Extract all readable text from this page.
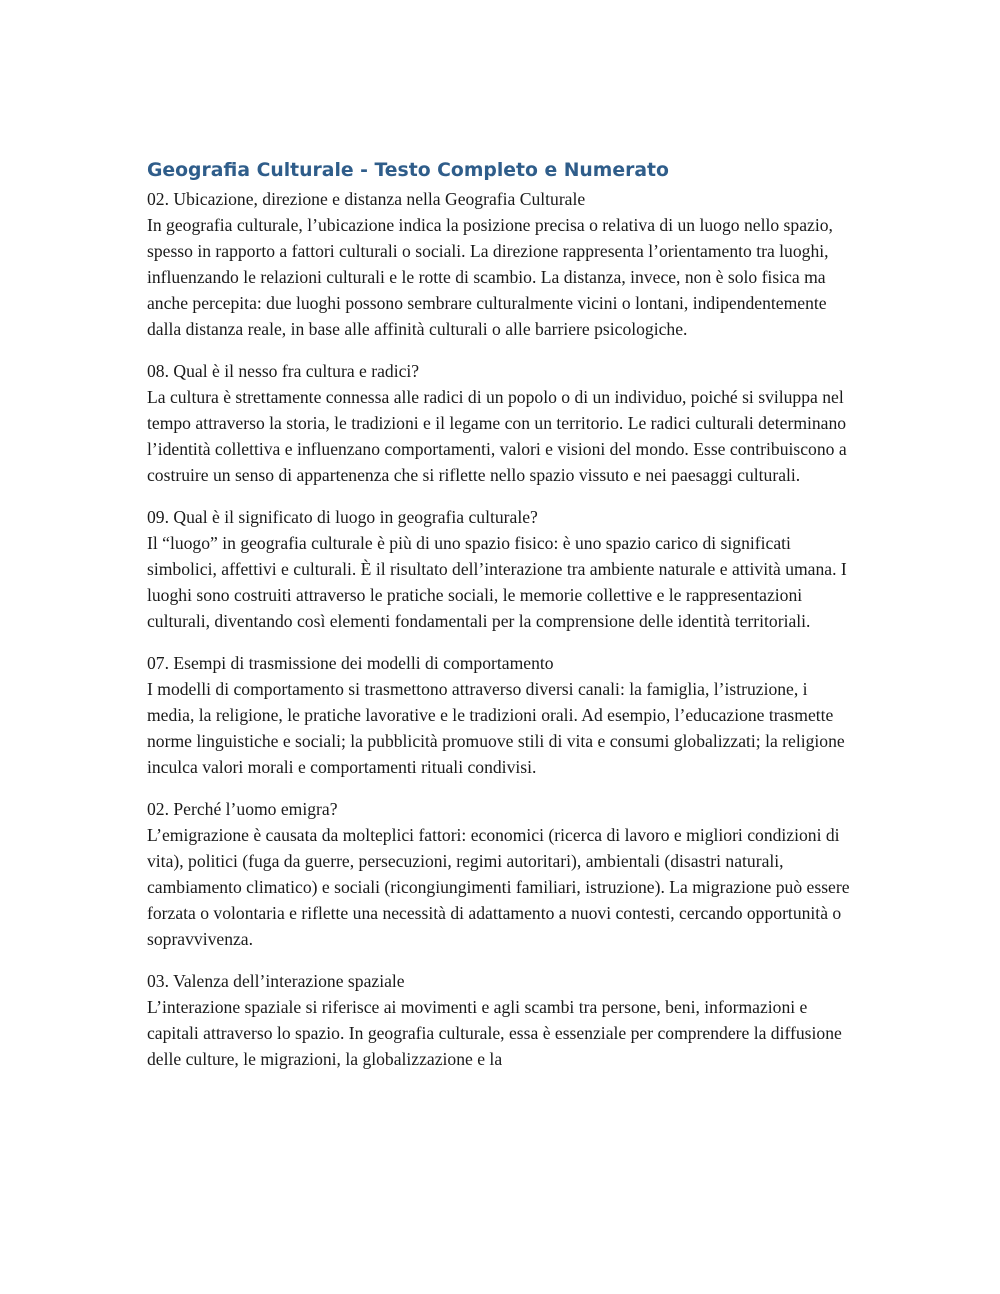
Geografia Culturale - Testo Completo e Numerato

02. Ubicazione, direzione e distanza nella Geografia Culturale

In geografia culturale, l’ubicazione indica la posizione precisa o relativa di un luogo nello spazio, spesso in rapporto a fattori culturali o sociali. La direzione rappresenta l’orientamento tra luoghi, influenzando le relazioni culturali e le rotte di scambio. La distanza, invece, non è solo fisica ma anche percepita: due luoghi possono sembrare culturalmente vicini o lontani, indipendentemente dalla distanza reale, in base alle affinità culturali o alle barriere psicologiche.

08. Qual è il nesso fra cultura e radici?

La cultura è strettamente connessa alle radici di un popolo o di un individuo, poiché si sviluppa nel tempo attraverso la storia, le tradizioni e il legame con un territorio. Le radici culturali determinano l’identità collettiva e influenzano comportamenti, valori e visioni del mondo. Esse contribuiscono a costruire un senso di appartenenza che si riflette nello spazio vissuto e nei paesaggi culturali.

09. Qual è il significato di luogo in geografia culturale?

Il “luogo” in geografia culturale è più di uno spazio fisico: è uno spazio carico di significati simbolici, affettivi e culturali. È il risultato dell’interazione tra ambiente naturale e attività umana. I luoghi sono costruiti attraverso le pratiche sociali, le memorie collettive e le rappresentazioni culturali, diventando così elementi fondamentali per la comprensione delle identità territoriali.

07. Esempi di trasmissione dei modelli di comportamento

I modelli di comportamento si trasmettono attraverso diversi canali: la famiglia, l’istruzione, i media, la religione, le pratiche lavorative e le tradizioni orali. Ad esempio, l’educazione trasmette norme linguistiche e sociali; la pubblicità promuove stili di vita e consumi globalizzati; la religione inculca valori morali e comportamenti rituali condivisi.

02. Perché l’uomo emigra?

L’emigrazione è causata da molteplici fattori: economici (ricerca di lavoro e migliori condizioni di vita), politici (fuga da guerre, persecuzioni, regimi autoritari), ambientali (disastri naturali, cambiamento climatico) e sociali (ricongiungimenti familiari, istruzione). La migrazione può essere forzata o volontaria e riflette una necessità di adattamento a nuovi contesti, cercando opportunità o sopravvivenza.

03. Valenza dell’interazione spaziale

L’interazione spaziale si riferisce ai movimenti e agli scambi tra persone, beni, informazioni e capitali attraverso lo spazio. In geografia culturale, essa è essenziale per comprendere la diffusione delle culture, le migrazioni, la globalizzazione e la
